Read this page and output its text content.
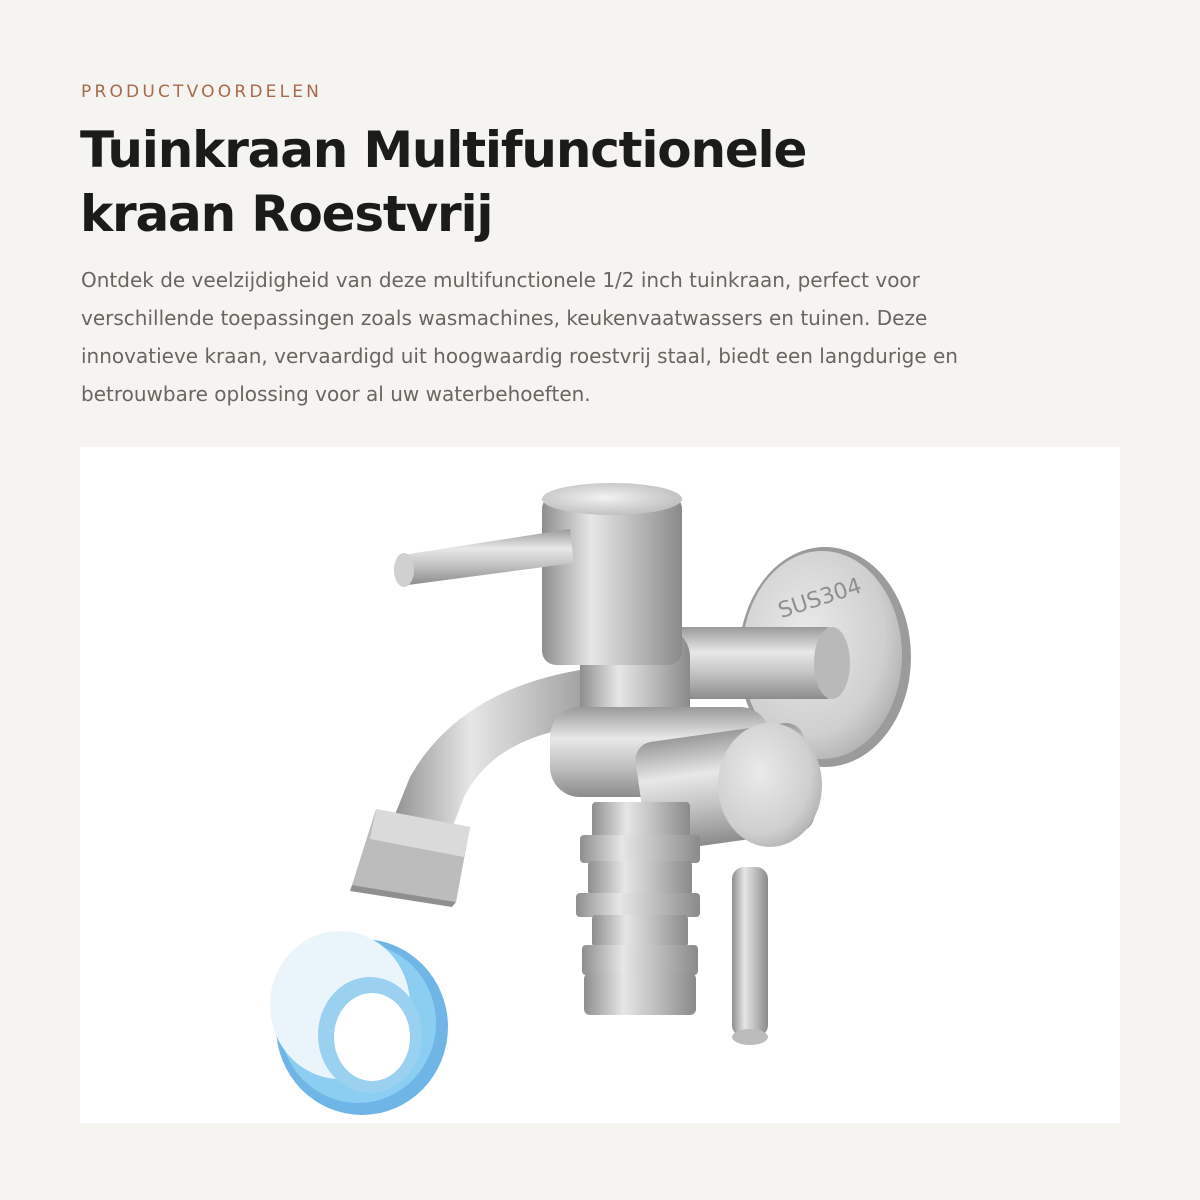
PRODUCTVOORDELEN
Tuinkraan Multifunctionele
kraan Roestvrij

Ontdek de veelzijdigheid van deze multifunctionele 1/2 inch tuinkraan, perfect voor
verschillende toepassingen zoals wasmachines, keukenvaatwassers en tuinen. Deze
innovatieve kraan, vervaardigd uit hoogwaardig roestvrij staal, biedt een langdurige en
betrouwbare oplossing voor al uw waterbehoeften.

SUS304
